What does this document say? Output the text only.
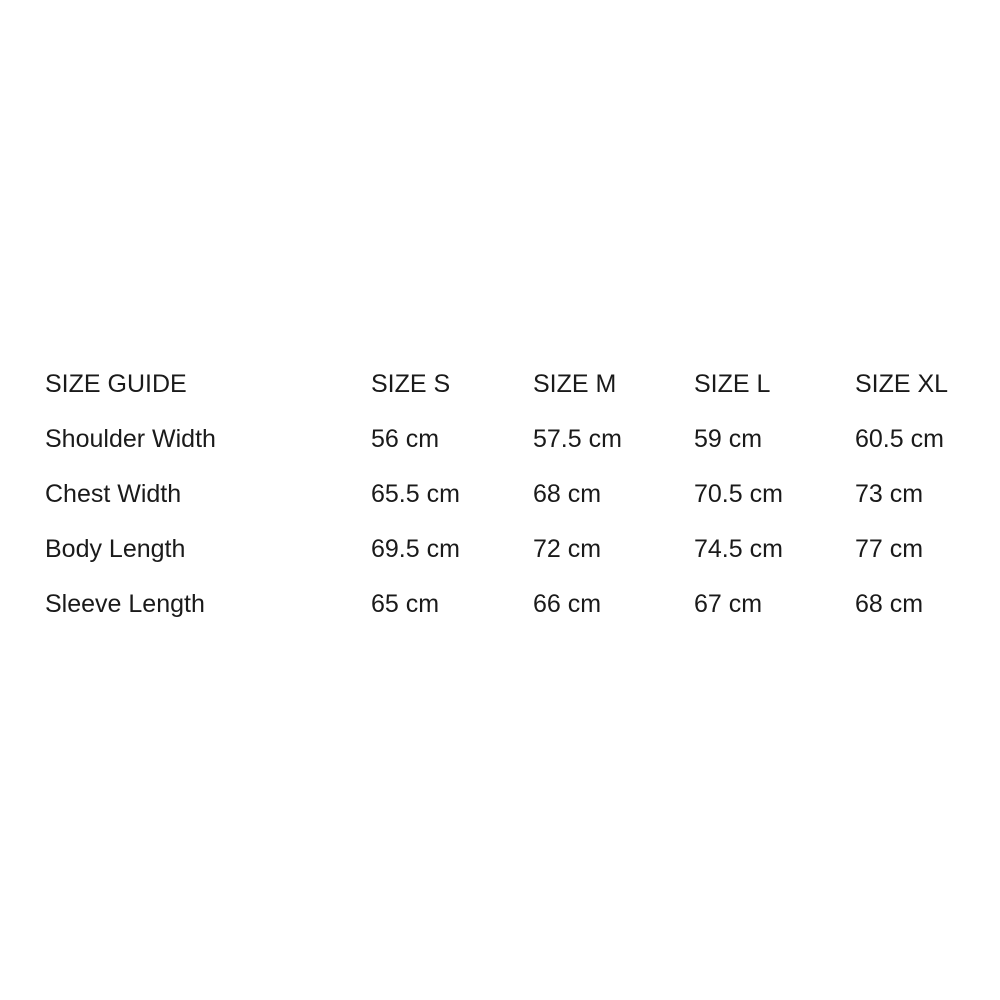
SIZE GUIDE	SIZE S	SIZE M	SIZE L	SIZE XL
Shoulder Width	56 cm	57.5 cm	59 cm	60.5 cm
Chest Width	65.5 cm	68 cm	70.5 cm	73 cm
Body Length	69.5 cm	72 cm	74.5 cm	77 cm
Sleeve Length	65 cm	66 cm	67 cm	68 cm
